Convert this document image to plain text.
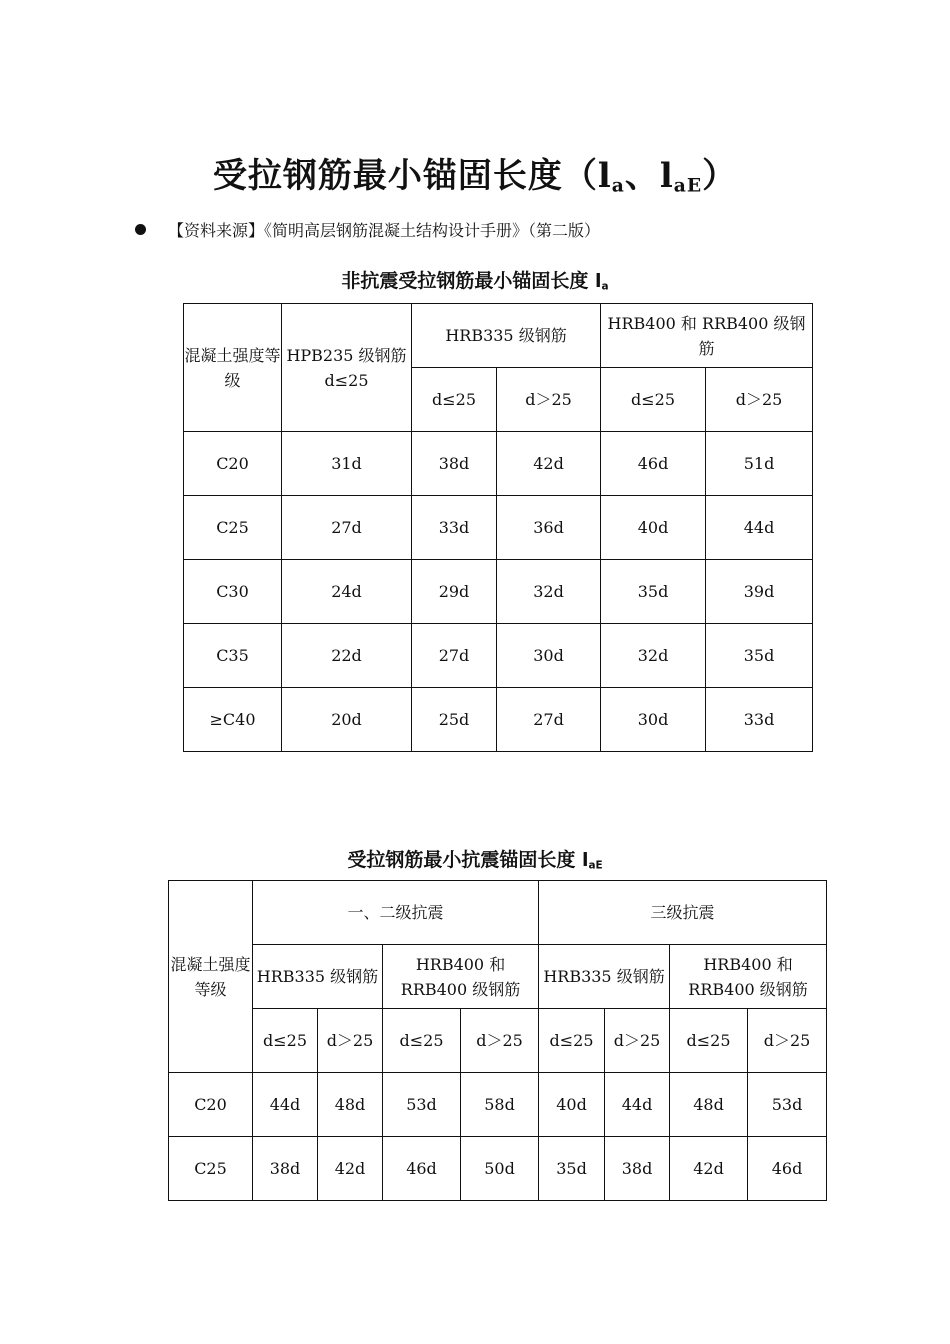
受拉钢筋最小锚固长度（$l_a$、$l_{aE}$）
【资料来源】《简明高层钢筋混凝土结构设计手册》（第二版）
非抗震受拉钢筋最小锚固长度 $l_a$
混凝土强度等级	HPB235 级钢筋 d≤25	HRB335 级钢筋		HRB400 和 RRB400 级钢筋	
		d≤25	d＞25	d≤25	d＞25
C20	31d	38d	42d	46d	51d
C25	27d	33d	36d	40d	44d
C30	24d	29d	32d	35d	39d
C35	22d	27d	30d	32d	35d
≥C40	20d	25d	27d	30d	33d
受拉钢筋最小抗震锚固长度 $l_{aE}$
混凝土强度等级	一、二级抗震				三级抗震			
	HRB335 级钢筋		HRB400 和 RRB400 级钢筋		HRB335 级钢筋		HRB400 和 RRB400 级钢筋	
	d≤25	d＞25	d≤25	d＞25	d≤25	d＞25	d≤25	d＞25
C20	44d	48d	53d	58d	40d	44d	48d	53d
C25	38d	42d	46d	50d	35d	38d	42d	46d
